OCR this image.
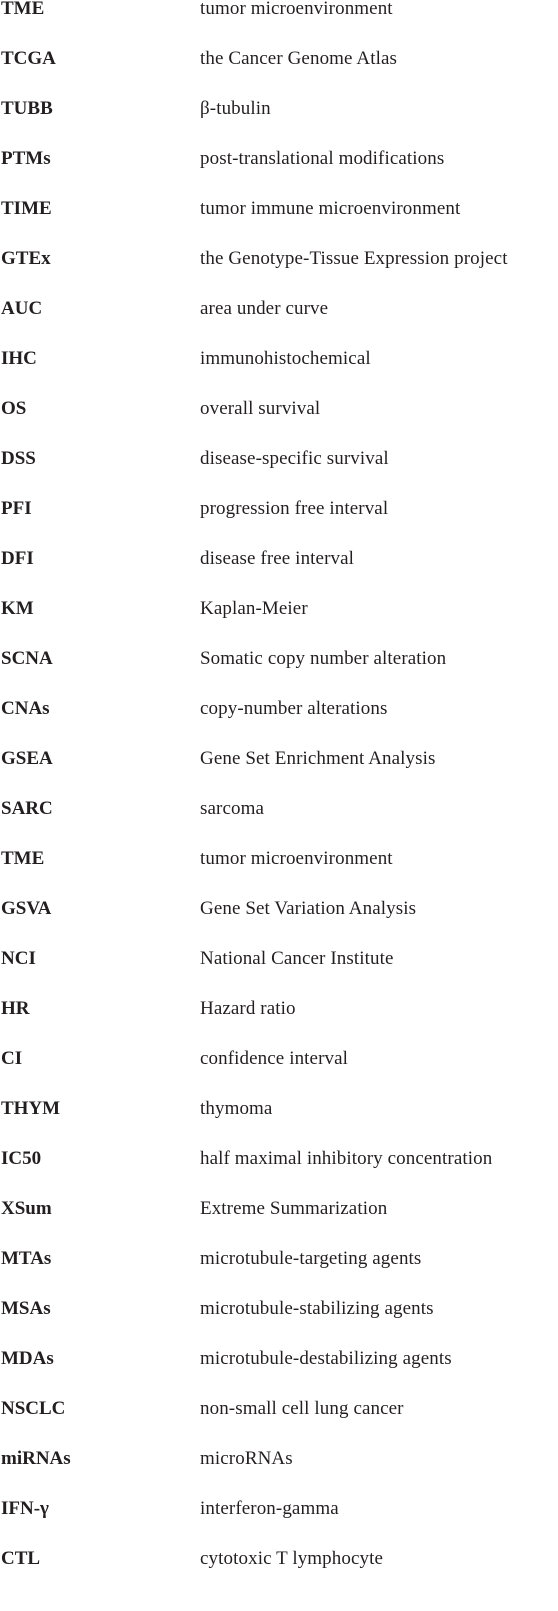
TME	tumor microenvironment
TCGA	the Cancer Genome Atlas
TUBB	β-tubulin
PTMs	post-translational modifications
TIME	tumor immune microenvironment
GTEx	the Genotype-Tissue Expression project
AUC	area under curve
IHC	immunohistochemical
OS	overall survival
DSS	disease-specific survival
PFI	progression free interval
DFI	disease free interval
KM	Kaplan-Meier
SCNA	Somatic copy number alteration
CNAs	copy-number alterations
GSEA	Gene Set Enrichment Analysis
SARC	sarcoma
TME	tumor microenvironment
GSVA	Gene Set Variation Analysis
NCI	National Cancer Institute
HR	Hazard ratio
CI	confidence interval
THYM	thymoma
IC50	half maximal inhibitory concentration
XSum	Extreme Summarization
MTAs	microtubule-targeting agents
MSAs	microtubule-stabilizing agents
MDAs	microtubule-destabilizing agents
NSCLC	non-small cell lung cancer
miRNAs	microRNAs
IFN-γ	interferon-gamma
CTL	cytotoxic T lymphocyte
